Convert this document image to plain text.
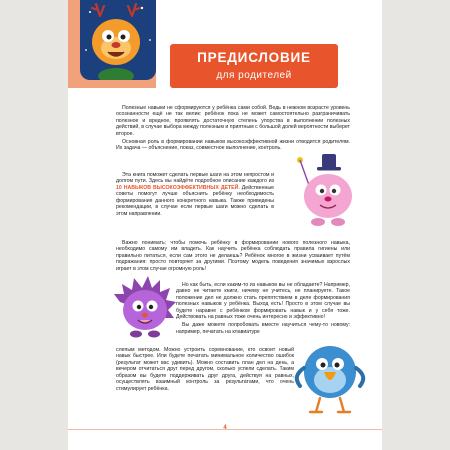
ПРЕДИСЛОВИЕ
для родителей

Полезные навыки не сформируются у ребёнка сами собой. Ведь в нежном возрасте уровень осознанности ещё не так велик: ребёнок пока не может самостоятельно разграничивать полезное и вредное, проявлять достаточную степень упорства в выполнении полезных действий, в случае выбора между полезным и приятным с большой долей вероятности выберет второе.

Основная роль в формировании навыков высокоэффективной жизни отводится родителям. Их задача — объяснение, показ, совместное выполнение, контроль.

Эта книга поможет сделать первые шаги на этом непростом и долгом пути. Здесь вы найдёте подробное описание каждого из 10 НАВЫКОВ ВЫСОКОЭФФЕКТИВНЫХ ДЕТЕЙ. Действенные советы помогут лучше объяснить ребёнку необходимость формирования данного конкретного навыка. Также приведены рекомендации, в случае если первые шаги можно сделать в этом направлении.

Важно понимать: чтобы помочь ребёнку в формировании нового полезного навыка, необходимо самому им владеть. Как научить ребёнка соблюдать правила гигиены или правильно питаться, если сам этого не делаешь? Ребёнок многое в жизни усваивает путём подражания: просто повторяет за другими. Поэтому модель поведения значимых взрослых играет в этом случае огромную роль!

Но как быть, если каким-то из навыков вы не обладаете? Например, давно не читаете книги, ничему не учитесь, не планируете. Такое положение дел не должно стать препятствием в деле формирования полезных навыков у ребёнка. Выход есть! Просто в этом случае вы будете наравне с ребёнком формировать навык и у себя тоже. Действовать на равных тоже очень интересно и эффективно!

Вы даже можете попробовать вместе научиться чему-то новому: например, печатать на клавиатуре

слепым методом. Можно устроить соревнование, кто освоит новый навык быстрее. Или будете печатать минимальное количество ошибок (результат может вас удивить). Можно составить план дел на день, а вечером отчитаться друг перед другом, сколько успели сделать. Таким образом вы будете поддерживать друг друга, действуя на равных, осуществлять взаимный контроль за результатами, что очень стимулирует ребёнка.

4
